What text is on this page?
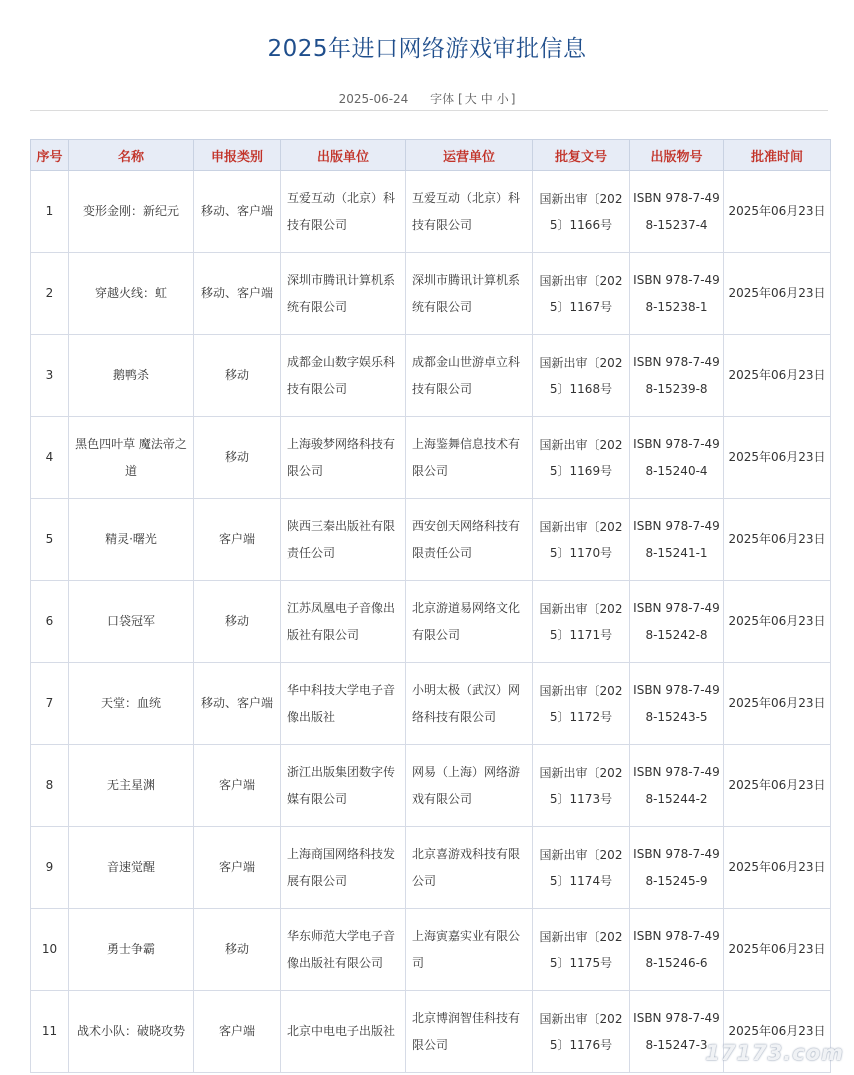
2025年进口网络游戏审批信息
2025-06-24 字体 [ 大 中 小 ]
序号	名称	申报类别	出版单位	运营单位	批复文号	出版物号	批准时间
1	变形金刚：新纪元	移动、客户端	互爱互动（北京）科技有限公司	互爱互动（北京）科技有限公司	国新出审〔2025〕1166号	ISBN 978-7-498-15237-4	2025年06月23日
2	穿越火线：虹	移动、客户端	深圳市腾讯计算机系统有限公司	深圳市腾讯计算机系统有限公司	国新出审〔2025〕1167号	ISBN 978-7-498-15238-1	2025年06月23日
3	鹅鸭杀	移动	成都金山数字娱乐科技有限公司	成都金山世游卓立科技有限公司	国新出审〔2025〕1168号	ISBN 978-7-498-15239-8	2025年06月23日
4	黑色四叶草 魔法帝之道	移动	上海骏梦网络科技有限公司	上海鉴舞信息技术有限公司	国新出审〔2025〕1169号	ISBN 978-7-498-15240-4	2025年06月23日
5	精灵·曙光	客户端	陕西三秦出版社有限责任公司	西安创天网络科技有限责任公司	国新出审〔2025〕1170号	ISBN 978-7-498-15241-1	2025年06月23日
6	口袋冠军	移动	江苏凤凰电子音像出版社有限公司	北京游道易网络文化有限公司	国新出审〔2025〕1171号	ISBN 978-7-498-15242-8	2025年06月23日
7	天堂：血统	移动、客户端	华中科技大学电子音像出版社	小明太极（武汉）网络科技有限公司	国新出审〔2025〕1172号	ISBN 978-7-498-15243-5	2025年06月23日
8	无主星渊	客户端	浙江出版集团数字传媒有限公司	网易（上海）网络游戏有限公司	国新出审〔2025〕1173号	ISBN 978-7-498-15244-2	2025年06月23日
9	音速觉醒	客户端	上海商国网络科技发展有限公司	北京喜游戏科技有限公司	国新出审〔2025〕1174号	ISBN 978-7-498-15245-9	2025年06月23日
10	勇士争霸	移动	华东师范大学电子音像出版社有限公司	上海寅嘉实业有限公司	国新出审〔2025〕1175号	ISBN 978-7-498-15246-6	2025年06月23日
11	战术小队：破晓攻势	客户端	北京中电电子出版社	北京博润智佳科技有限公司	国新出审〔2025〕1176号	ISBN 978-7-498-15247-3	2025年06月23日
17173.com
